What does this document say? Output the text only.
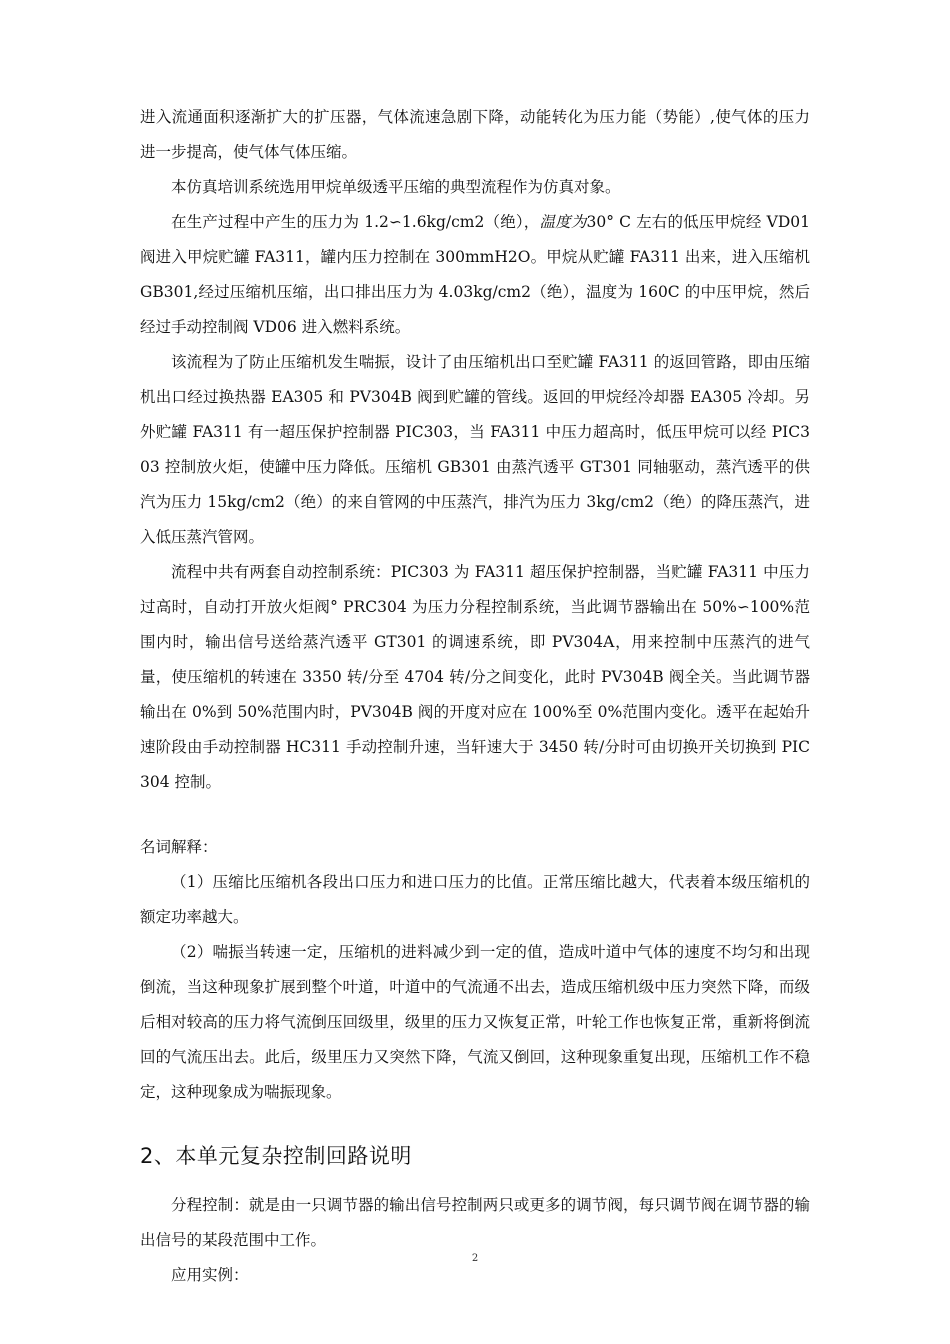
进入流通面积逐渐扩大的扩压器，气体流速急剧下降，动能转化为压力能（势能）,使气体的压力进一步提高，使气体气体压缩。

本仿真培训系统选用甲烷单级透平压缩的典型流程作为仿真对象。

在生产过程中产生的压力为 1.2∽1.6kg/cm2（绝），温度为30° C 左右的低压甲烷经 VD01 阀进入甲烷贮罐 FA311，罐内压力控制在 300mmH2O。甲烷从贮罐 FA311 出来，进入压缩机 GB301,经过压缩机压缩，出口排出压力为 4.03kg/cm2（绝），温度为 160C 的中压甲烷，然后经过手动控制阀 VD06 进入燃料系统。

该流程为了防止压缩机发生喘振，设计了由压缩机出口至贮罐 FA311 的返回管路，即由压缩机出口经过换热器 EA305 和 PV304B 阀到贮罐的管线。返回的甲烷经冷却器 EA305 冷却。另外贮罐 FA311 有一超压保护控制器 PIC303，当 FA311 中压力超高时，低压甲烷可以经 PIC303 控制放火炬，使罐中压力降低。压缩机 GB301 由蒸汽透平 GT301 同轴驱动，蒸汽透平的供汽为压力 15kg/cm2（绝）的来自管网的中压蒸汽，排汽为压力 3kg/cm2（绝）的降压蒸汽，进入低压蒸汽管网。

流程中共有两套自动控制系统：PIC303 为 FA311 超压保护控制器，当贮罐 FA311 中压力过高时，自动打开放火炬阀° PRC304 为压力分程控制系统，当此调节器输出在 50%∽100%范围内时，输出信号送给蒸汽透平 GT301 的调速系统，即 PV304A，用来控制中压蒸汽的进气量，使压缩机的转速在 3350 转/分至 4704 转/分之间变化，此时 PV304B 阀全关。当此调节器输出在 0%到 50%范围内时，PV304B 阀的开度对应在 100%至 0%范围内变化。透平在起始升速阶段由手动控制器 HC311 手动控制升速，当轩速大于 3450 转/分时可由切换开关切换到 PIC304 控制。

名词解释：

（1）压缩比压缩机各段出口压力和进口压力的比值。正常压缩比越大，代表着本级压缩机的额定功率越大。

（2）喘振当转速一定，压缩机的进料减少到一定的值，造成叶道中气体的速度不均匀和出现倒流，当这种现象扩展到整个叶道，叶道中的气流通不出去，造成压缩机级中压力突然下降，而级后相对较高的压力将气流倒压回级里，级里的压力又恢复正常，叶轮工作也恢复正常，重新将倒流回的气流压出去。此后，级里压力又突然下降，气流又倒回，这种现象重复出现，压缩机工作不稳定，这种现象成为喘振现象。

2、本单元复杂控制回路说明

分程控制：就是由一只调节器的输出信号控制两只或更多的调节阀，每只调节阀在调节器的输出信号的某段范围中工作。

应用实例：

2
